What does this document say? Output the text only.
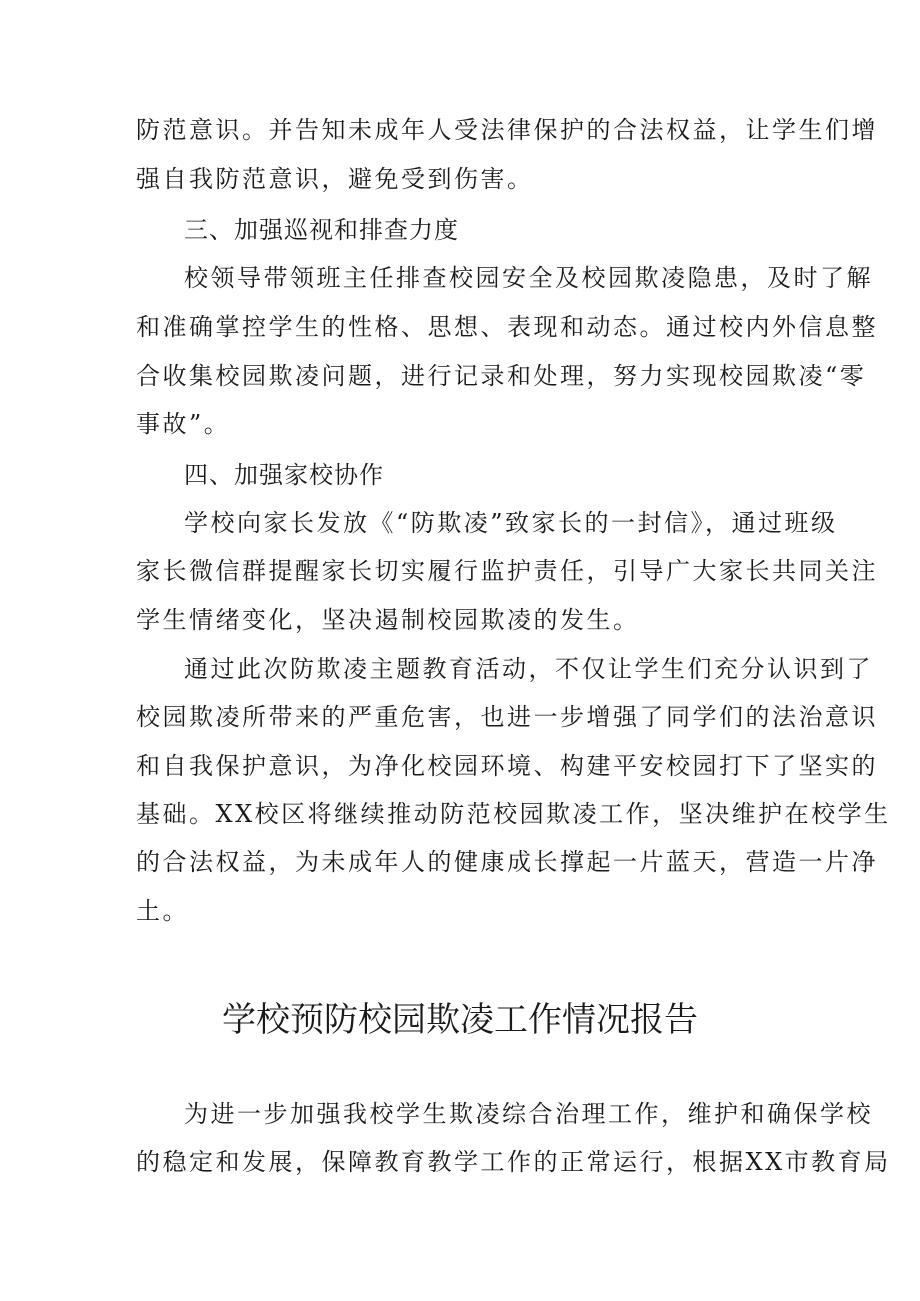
防范意识。并告知未成年人受法律保护的合法权益，让学生们增
强自我防范意识，避免受到伤害。
三、加强巡视和排查力度
校领导带领班主任排查校园安全及校园欺凌隐患，及时了解
和准确掌控学生的性格、思想、表现和动态。通过校内外信息整
合收集校园欺凌问题，进行记录和处理，努力实现校园欺凌“零
事故”。
四、加强家校协作
学校向家长发放《“防欺凌”致家长的一封信》，通过班级
家长微信群提醒家长切实履行监护责任，引导广大家长共同关注
学生情绪变化，坚决遏制校园欺凌的发生。
通过此次防欺凌主题教育活动，不仅让学生们充分认识到了
校园欺凌所带来的严重危害，也进一步增强了同学们的法治意识
和自我保护意识，为净化校园环境、构建平安校园打下了坚实的
基础。XX校区将继续推动防范校园欺凌工作，坚决维护在校学生
的合法权益，为未成年人的健康成长撑起一片蓝天，营造一片净
土。
学校预防校园欺凌工作情况报告
为进一步加强我校学生欺凌综合治理工作，维护和确保学校
的稳定和发展，保障教育教学工作的正常运行，根据XX市教育局
